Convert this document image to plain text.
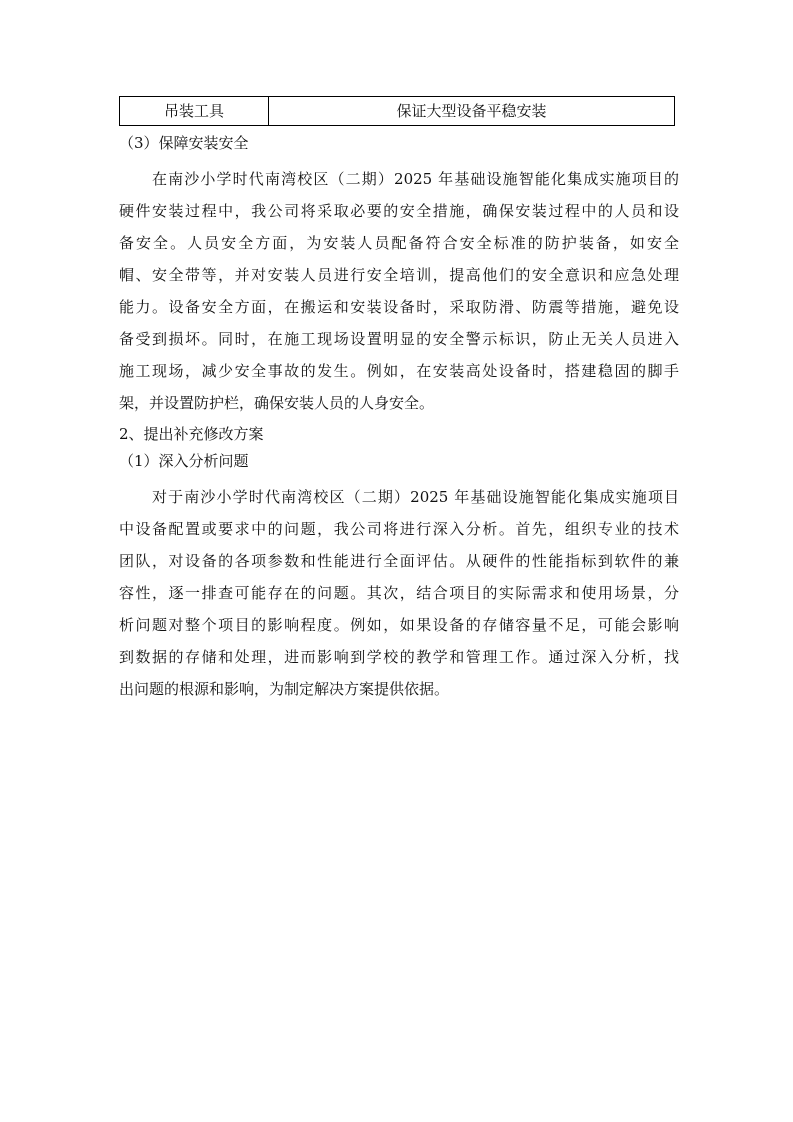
吊装工具	保证大型设备平稳安装
（3）保障安装安全
在南沙小学时代南湾校区（二期）2025 年基础设施智能化集成实施项目的
硬件安装过程中，我公司将采取必要的安全措施，确保安装过程中的人员和设
备安全。人员安全方面，为安装人员配备符合安全标准的防护装备，如安全
帽、安全带等，并对安装人员进行安全培训，提高他们的安全意识和应急处理
能力。设备安全方面，在搬运和安装设备时，采取防滑、防震等措施，避免设
备受到损坏。同时，在施工现场设置明显的安全警示标识，防止无关人员进入
施工现场，减少安全事故的发生。例如，在安装高处设备时，搭建稳固的脚手
架，并设置防护栏，确保安装人员的人身安全。
2、提出补充修改方案
（1）深入分析问题
对于南沙小学时代南湾校区（二期）2025 年基础设施智能化集成实施项目
中设备配置或要求中的问题，我公司将进行深入分析。首先，组织专业的技术
团队，对设备的各项参数和性能进行全面评估。从硬件的性能指标到软件的兼
容性，逐一排查可能存在的问题。其次，结合项目的实际需求和使用场景，分
析问题对整个项目的影响程度。例如，如果设备的存储容量不足，可能会影响
到数据的存储和处理，进而影响到学校的教学和管理工作。通过深入分析，找
出问题的根源和影响，为制定解决方案提供依据。
